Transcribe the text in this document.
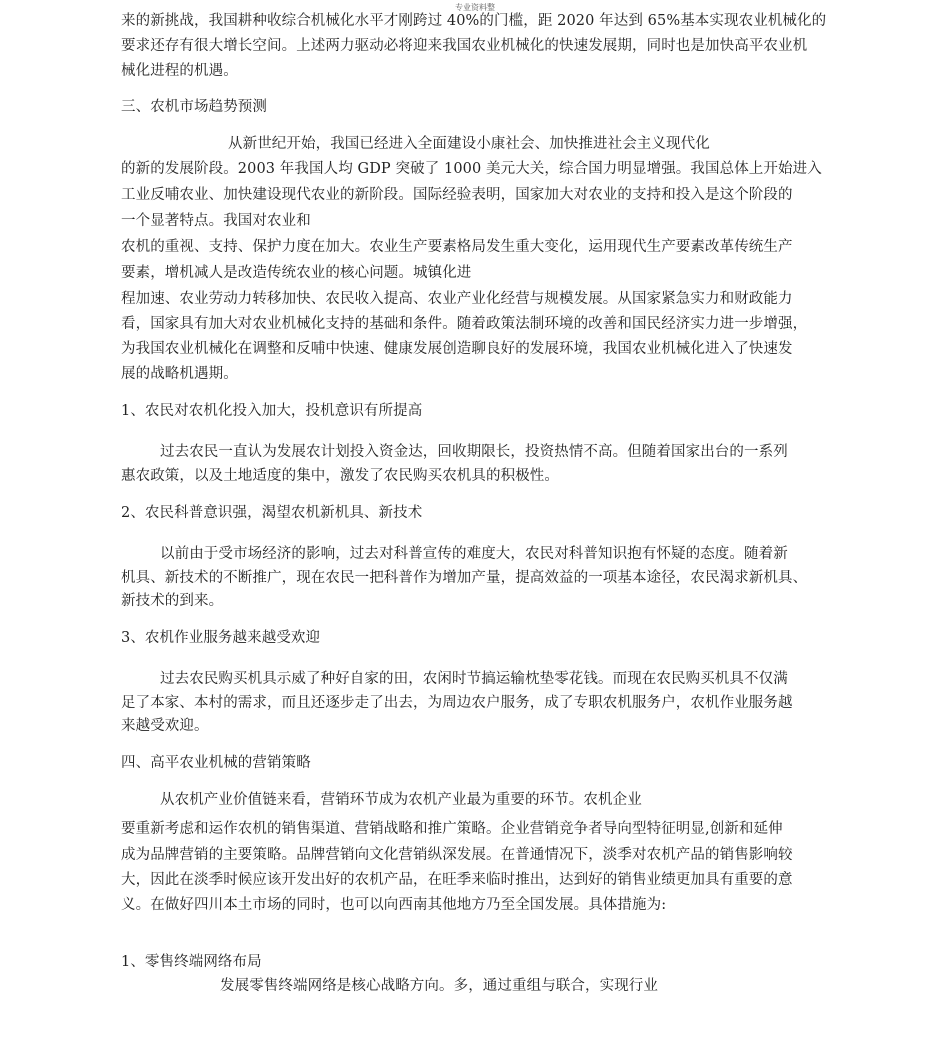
专业资料整
来的新挑战，我国耕种收综合机械化水平才刚跨过 40%的门槛，距 2020 年达到 65%基本实现农业机械化的
要求还存有很大增长空间。上述两力驱动必将迎来我国农业机械化的快速发展期，同时也是加快高平农业机
械化进程的机遇。
三、农机市场趋势预测
从新世纪开始，我国已经进入全面建设小康社会、加快推进社会主义现代化
的新的发展阶段。2003 年我国人均 GDP 突破了 1000 美元大关，综合国力明显增强。我国总体上开始进入
工业反哺农业、加快建设现代农业的新阶段。国际经验表明，国家加大对农业的支持和投入是这个阶段的
一个显著特点。我国对农业和
农机的重视、支持、保护力度在加大。农业生产要素格局发生重大变化，运用现代生产要素改革传统生产
要素，增机减人是改造传统农业的核心问题。城镇化进
程加速、农业劳动力转移加快、农民收入提高、农业产业化经营与规模发展。从国家紧急实力和财政能力
看，国家具有加大对农业机械化支持的基础和条件。随着政策法制环境的改善和国民经济实力进一步增强，
为我国农业机械化在调整和反哺中快速、健康发展创造聊良好的发展环境，我国农业机械化进入了快速发
展的战略机遇期。
1、农民对农机化投入加大，投机意识有所提高
过去农民一直认为发展农计划投入资金达，回收期限长，投资热情不高。但随着国家出台的一系列
惠农政策，以及土地适度的集中，激发了农民购买农机具的积极性。
2、农民科普意识强，渴望农机新机具、新技术
以前由于受市场经济的影响，过去对科普宣传的难度大，农民对科普知识抱有怀疑的态度。随着新
机具、新技术的不断推广，现在农民一把科普作为增加产量，提高效益的一项基本途径，农民渴求新机具、
新技术的到来。
3、农机作业服务越来越受欢迎
过去农民购买机具示威了种好自家的田，农闲时节搞运输枕垫零花钱。而现在农民购买机具不仅满
足了本家、本村的需求，而且还逐步走了出去，为周边农户服务，成了专职农机服务户，农机作业服务越
来越受欢迎。
四、高平农业机械的营销策略
从农机产业价值链来看，营销环节成为农机产业最为重要的环节。农机企业
要重新考虑和运作农机的销售渠道、营销战略和推广策略。企业营销竞争者导向型特征明显,创新和延伸
成为品牌营销的主要策略。品牌营销向文化营销纵深发展。在普通情况下，淡季对农机产品的销售影响较
大，因此在淡季时候应该开发出好的农机产品，在旺季来临时推出，达到好的销售业绩更加具有重要的意
义。在做好四川本土市场的同时，也可以向西南其他地方乃至全国发展。具体措施为:
1、零售终端网络布局
发展零售终端网络是核心战略方向。多，通过重组与联合，实现行业
